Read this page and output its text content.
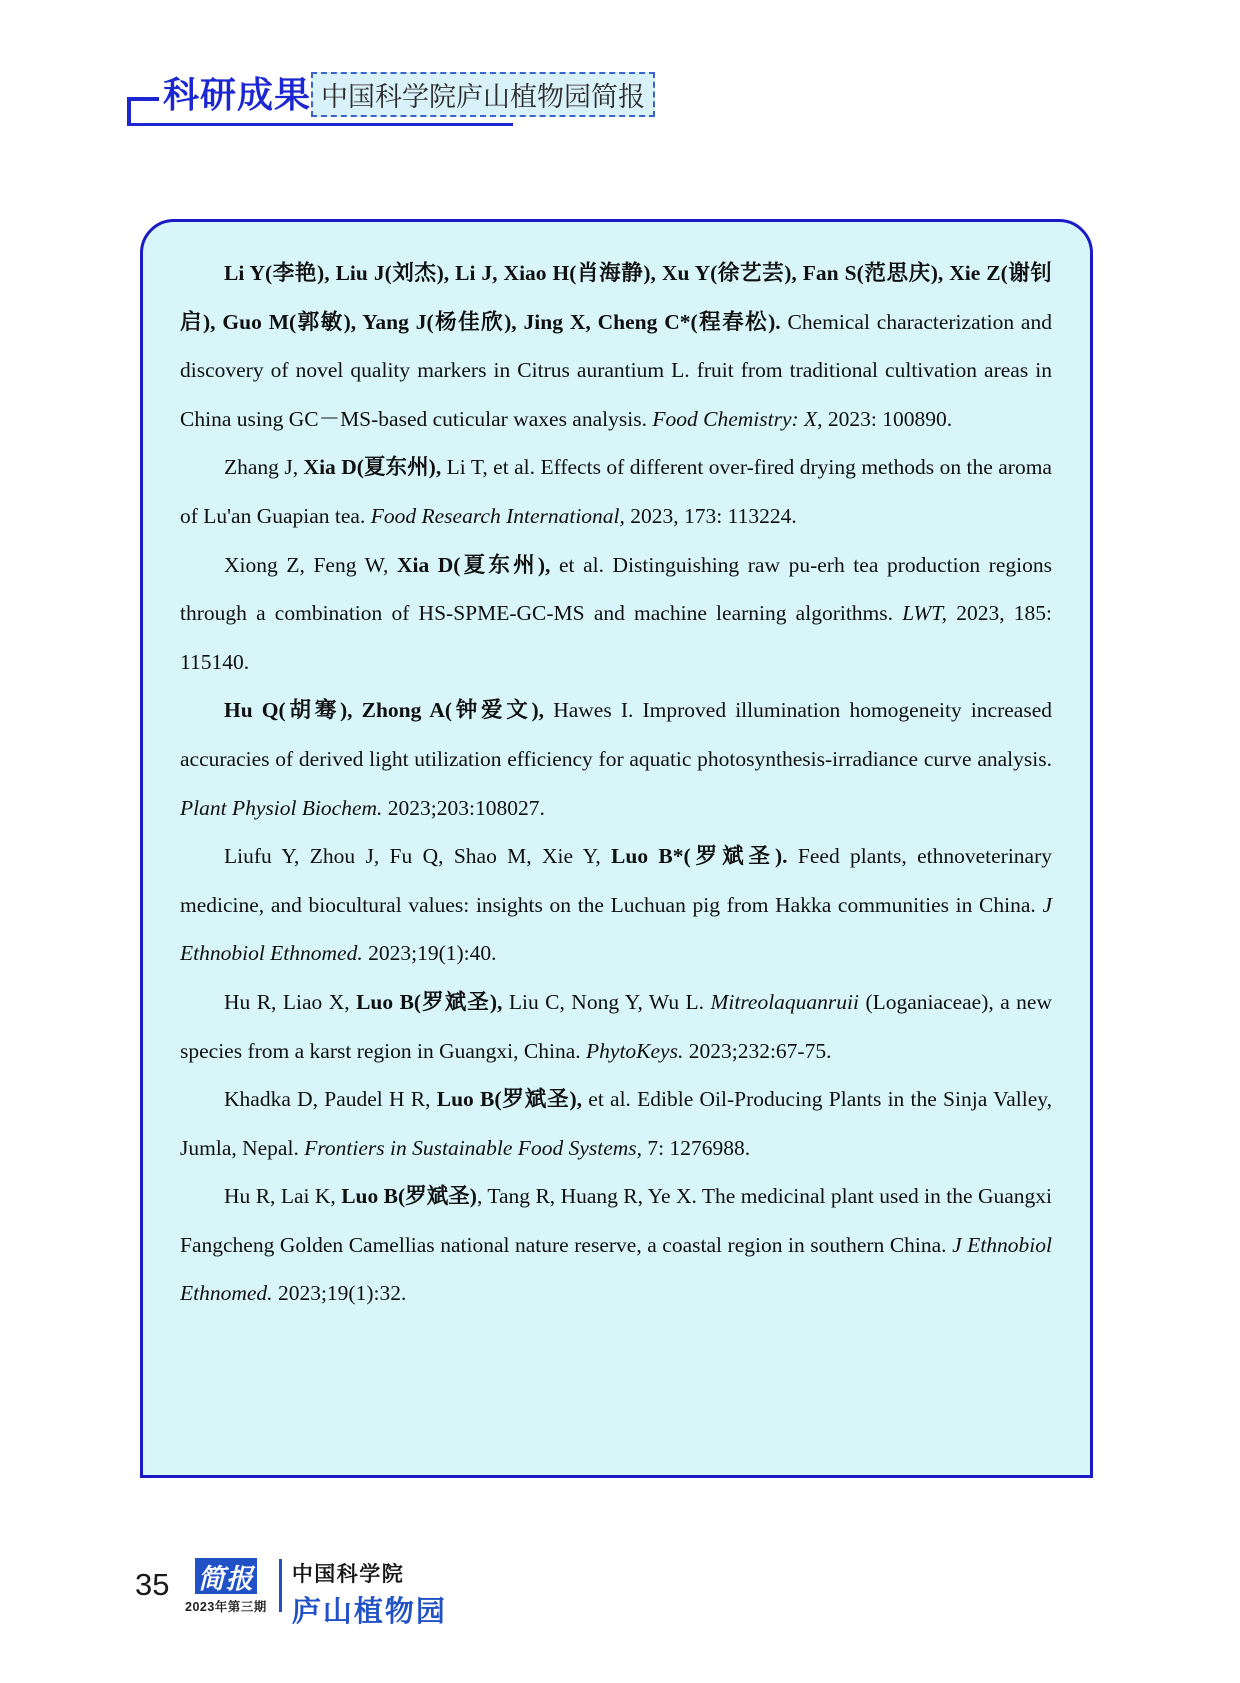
科研成果 中国科学院庐山植物园简报

Li Y(李艳), Liu J(刘杰), Li J, Xiao H(肖海静), Xu Y(徐艺芸), Fan S(范思庆), Xie Z(谢钊启), Guo M(郭敏), Yang J(杨佳欣), Jing X, Cheng C*(程春松). Chemical characterization and discovery of novel quality markers in Citrus aurantium L. fruit from traditional cultivation areas in China using GC－MS-based cuticular waxes analysis. Food Chemistry: X, 2023: 100890.

Zhang J, Xia D(夏东州), Li T, et al. Effects of different over-fired drying methods on the aroma of Lu'an Guapian tea. Food Research International, 2023, 173: 113224.

Xiong Z, Feng W, Xia D(夏东州), et al. Distinguishing raw pu-erh tea production regions through a combination of HS-SPME-GC-MS and machine learning algorithms. LWT, 2023, 185: 115140.

Hu Q(胡骞), Zhong A(钟爱文), Hawes I. Improved illumination homogeneity increased accuracies of derived light utilization efficiency for aquatic photosynthesis-irradiance curve analysis. Plant Physiol Biochem. 2023;203:108027.

Liufu Y, Zhou J, Fu Q, Shao M, Xie Y, Luo B*(罗斌圣). Feed plants, ethnoveterinary medicine, and biocultural values: insights on the Luchuan pig from Hakka communities in China. J Ethnobiol Ethnomed. 2023;19(1):40.

Hu R, Liao X, Luo B(罗斌圣), Liu C, Nong Y, Wu L. Mitreolaquanruii (Loganiaceae), a new species from a karst region in Guangxi, China. PhytoKeys. 2023;232:67-75.

Khadka D, Paudel H R, Luo B(罗斌圣), et al. Edible Oil-Producing Plants in the Sinja Valley, Jumla, Nepal. Frontiers in Sustainable Food Systems, 7: 1276988.

Hu R, Lai K, Luo B(罗斌圣), Tang R, Huang R, Ye X. The medicinal plant used in the Guangxi Fangcheng Golden Camellias national nature reserve, a coastal region in southern China. J Ethnobiol Ethnomed. 2023;19(1):32.

35 简报
2023年第三期
中国科学院
庐山植物园
